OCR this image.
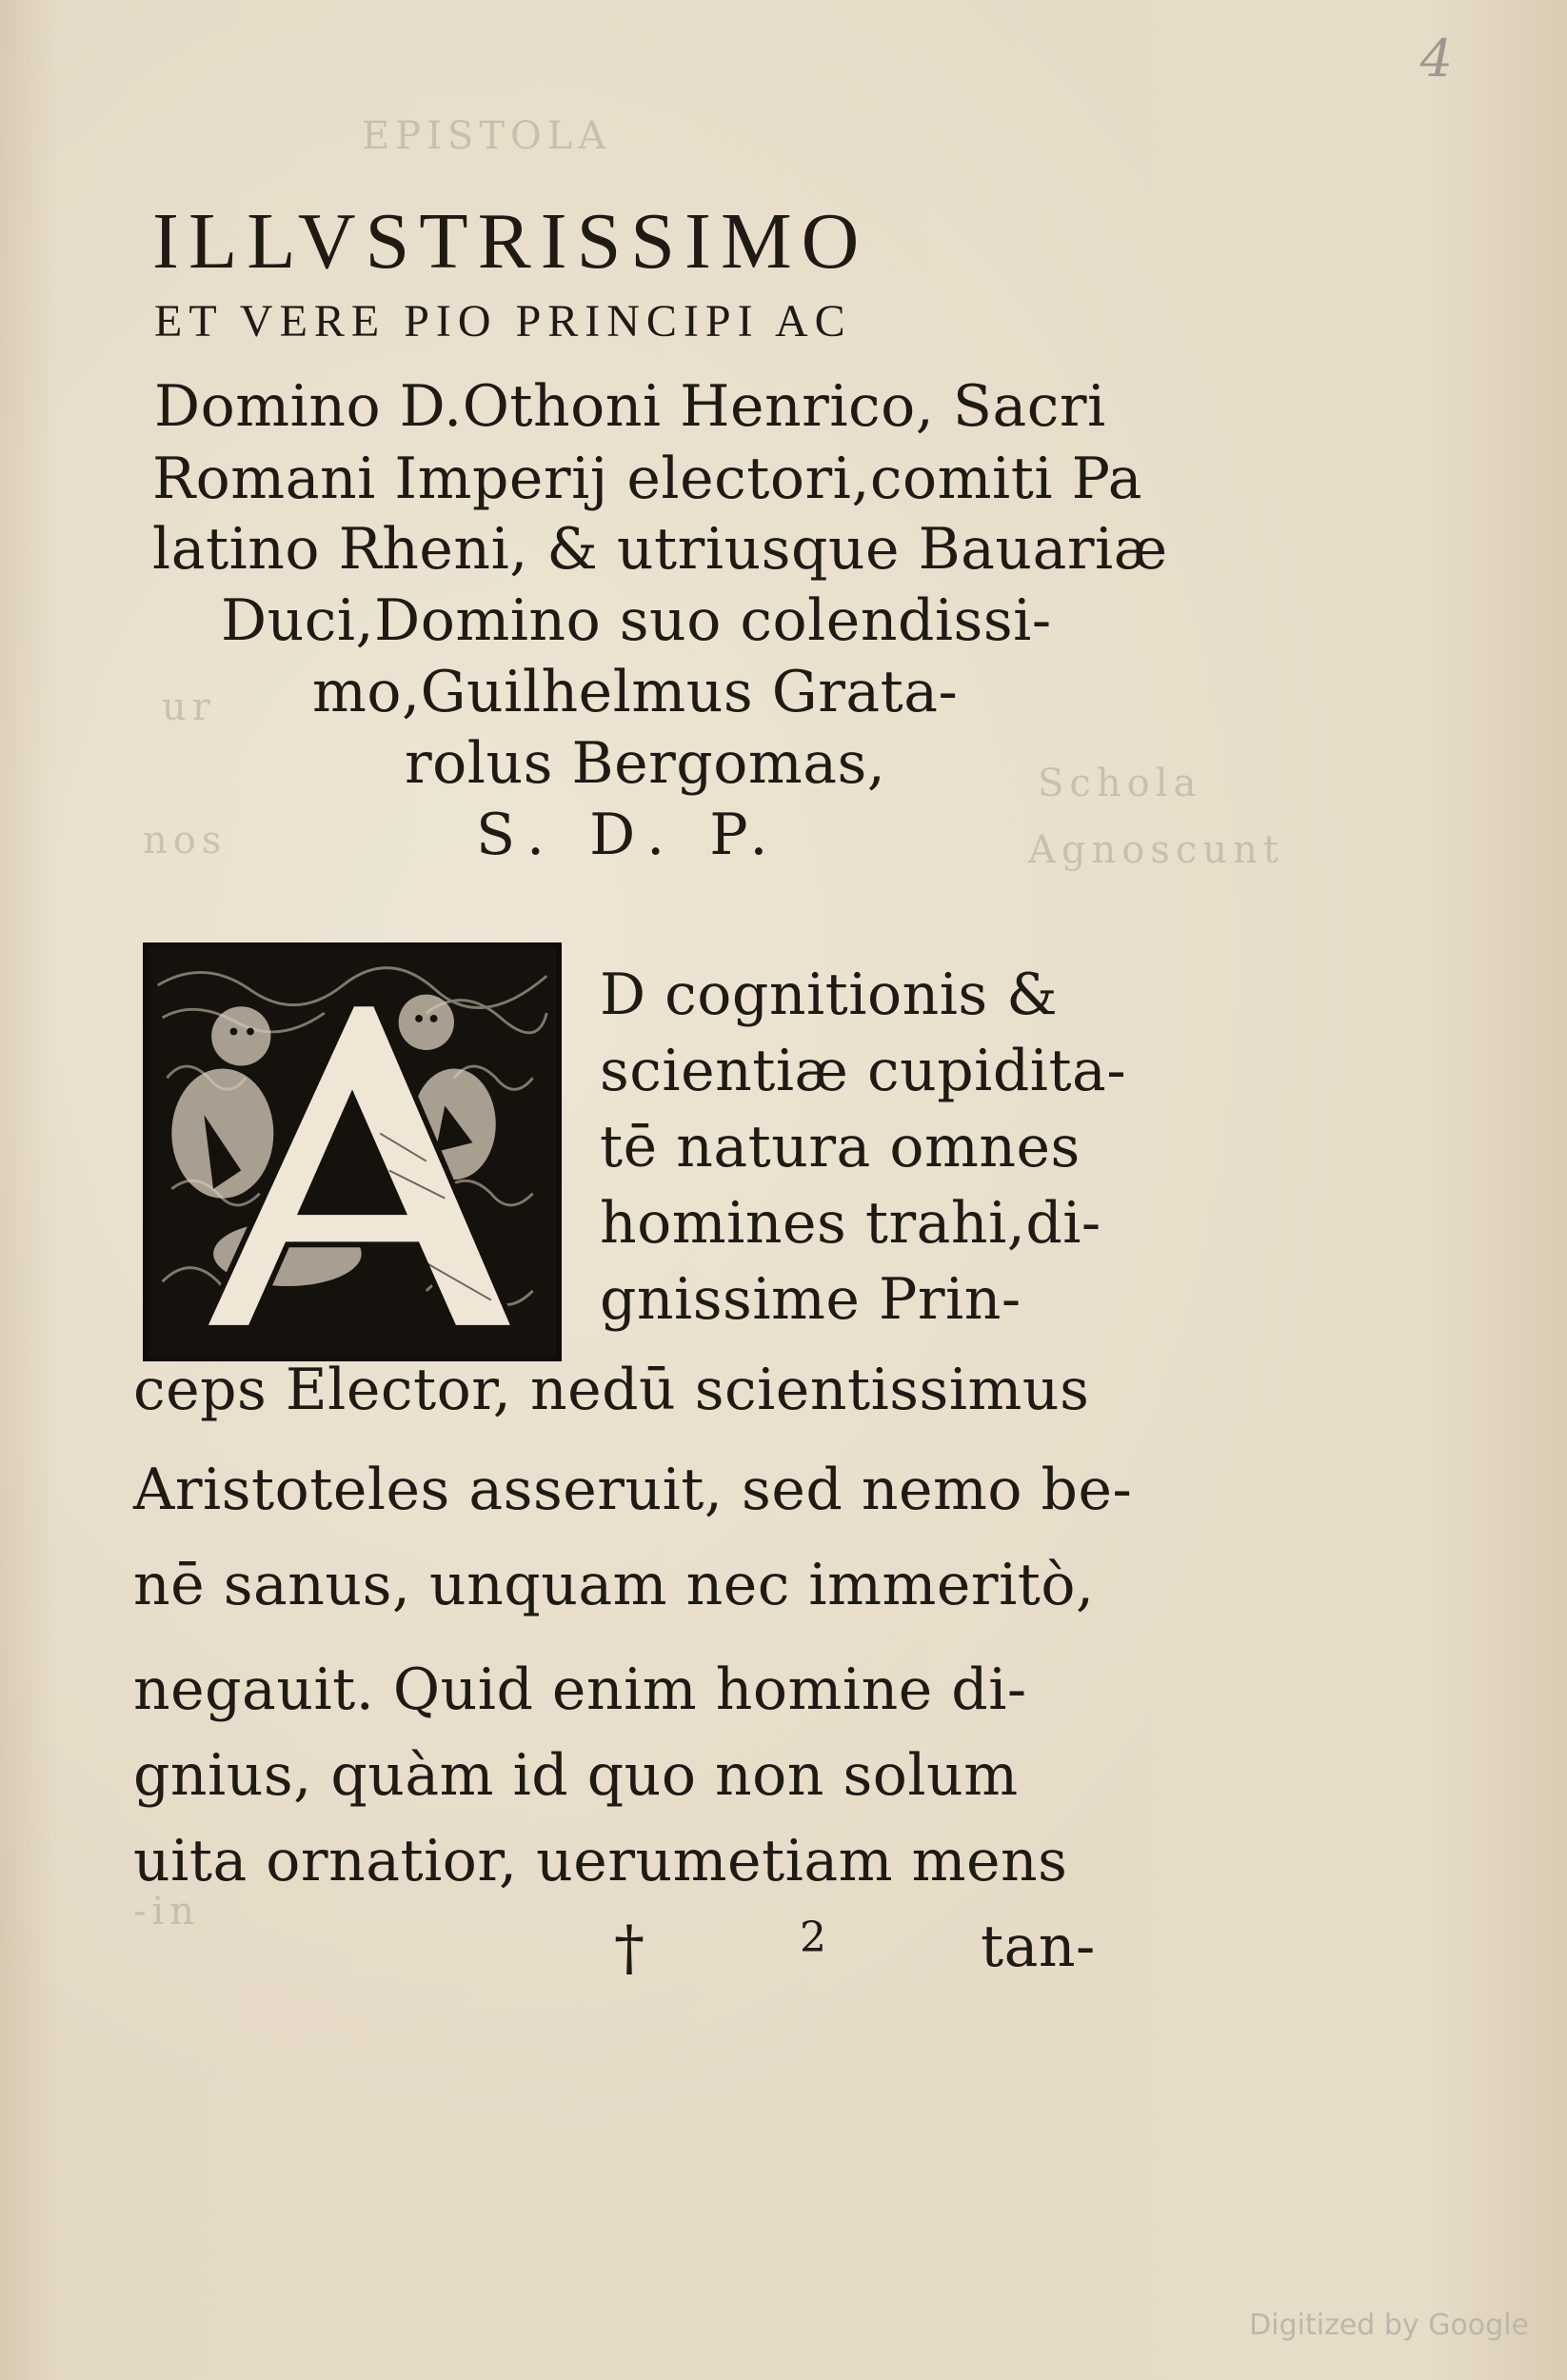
4
EPISTOLA
ur
Schola
Agnoscunt
nos
-in
ILLVSTRISSIMO
ET VERE PIO PRINCIPI AC
Domino D.Othoni Henrico, Sacri
Romani Imperij electori,comiti Pa
latino Rheni, & utriusque Bauariæ
Duci,Domino suo colendissi-
mo,Guilhelmus Grata-
rolus Bergomas,
S. D. P.
D cognitionis &
scientiæ cupidita-
tē natura omnes
homines trahi,di-
gnissime Prin-
ceps Elector, nedū scientissimus
Aristoteles asseruit, sed nemo be-
nē sanus, unquam nec immeritò,
negauit. Quid enim homine di-
gnius, quàm id quo non solum
uita ornatior, uerumetiam mens
†	2	tan-
Digitized by Google
